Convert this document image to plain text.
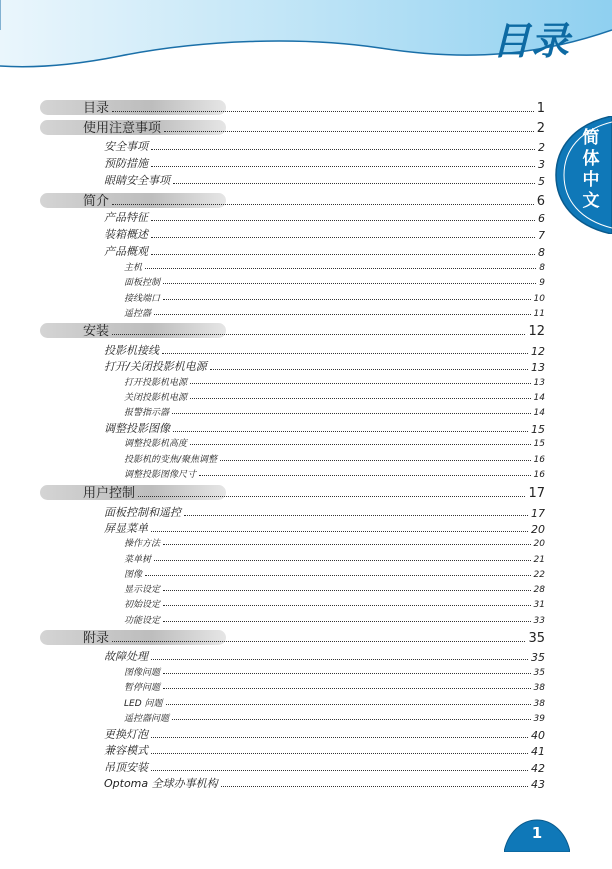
目录
简体中文
目录	1
使用注意事项	2
安全事项	2
预防措施	3
眼睛安全事项	5
简介	6
产品特征	6
装箱概述	7
产品概观	8
主机	8
面板控制	9
接线端口	10
遥控器	11
安装	12
投影机接线	12
打开/关闭投影机电源	13
打开投影机电源	13
关闭投影机电源	14
报警指示器	14
调整投影图像	15
调整投影机高度	15
投影机的变焦/聚焦调整	16
调整投影图像尺寸	16
用户控制	17
面板控制和遥控	17
屏显菜单	20
操作方法	20
菜单树	21
图像	22
显示设定	28
初始设定	31
功能设定	33
附录	35
故障处理	35
图像问题	35
暂停问题	38
LED 问题	38
遥控器问题	39
更换灯泡	40
兼容模式	41
吊顶安装	42
Optoma 全球办事机构	43
1
